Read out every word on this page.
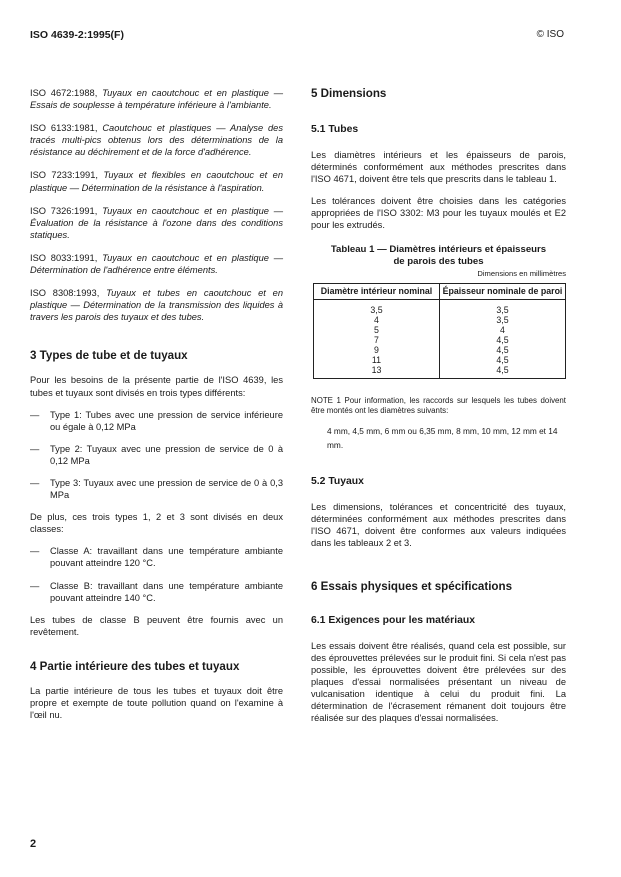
ISO 4639-2:1995(F)	© ISO
ISO 4672:1988, Tuyaux en caoutchouc et en plastique — Essais de souplesse à température inférieure à l'ambiante.
ISO 6133:1981, Caoutchouc et plastiques — Analyse des tracés multi-pics obtenus lors des déterminations de la résistance au déchirement et de la force d'adhérence.
ISO 7233:1991, Tuyaux et flexibles en caoutchouc et en plastique — Détermination de la résistance à l'aspiration.
ISO 7326:1991, Tuyaux en caoutchouc et en plastique — Évaluation de la résistance à l'ozone dans des conditions statiques.
ISO 8033:1991, Tuyaux en caoutchouc et en plastique — Détermination de l'adhérence entre éléments.
ISO 8308:1993, Tuyaux et tubes en caoutchouc et en plastique — Détermination de la transmission des liquides à travers les parois des tuyaux et des tubes.
3 Types de tube et de tuyaux
Pour les besoins de la présente partie de l'ISO 4639, les tubes et tuyaux sont divisés en trois types différents:
—	Type 1: Tubes avec une pression de service inférieure ou égale à 0,12 MPa
—	Type 2: Tuyaux avec une pression de service de 0 à 0,12 MPa
—	Type 3: Tuyaux avec une pression de service de 0 à 0,3 MPa
De plus, ces trois types 1, 2 et 3 sont divisés en deux classes:
—	Classe A: travaillant dans une température ambiante pouvant atteindre 120 °C.
—	Classe B: travaillant dans une température ambiante pouvant atteindre 140 °C.
Les tubes de classe B peuvent être fournis avec un revêtement.
4 Partie intérieure des tubes et tuyaux
La partie intérieure de tous les tubes et tuyaux doit être propre et exempte de toute pollution quand on l'examine à l'œil nu.
5 Dimensions
5.1 Tubes
Les diamètres intérieurs et les épaisseurs de parois, déterminés conformément aux méthodes prescrites dans l'ISO 4671, doivent être tels que prescrits dans le tableau 1.
Les tolérances doivent être choisies dans les catégories appropriées de l'ISO 3302: M3 pour les tuyaux moulés et E2 pour les extrudés.
Tableau 1 — Diamètres intérieurs et épaisseurs
de parois des tubes
Dimensions en millimètres
Diamètre intérieur nominal	Épaisseur nominale de paroi
3,5	3,5
4	3,5
5	4
7	4,5
9	4,5
11	4,5
13	4,5
NOTE 1 Pour information, les raccords sur lesquels les tubes doivent être montés ont les diamètres suivants:
4 mm, 4,5 mm, 6 mm ou 6,35 mm, 8 mm, 10 mm, 12 mm et 14 mm.
5.2 Tuyaux
Les dimensions, tolérances et concentricité des tuyaux, déterminées conformément aux méthodes prescrites dans l'ISO 4671, doivent être conformes aux valeurs indiquées dans les tableaux 2 et 3.
6 Essais physiques et spécifications
6.1 Exigences pour les matériaux
Les essais doivent être réalisés, quand cela est possible, sur des éprouvettes prélevées sur le produit fini. Si cela n'est pas possible, les éprouvettes doivent être prélevées sur des plaques d'essai normalisées présentant un niveau de vulcanisation identique à celui du produit fini. La détermination de l'écrasement rémanent doit toujours être réalisée sur des plaques d'essai normalisées.
2
